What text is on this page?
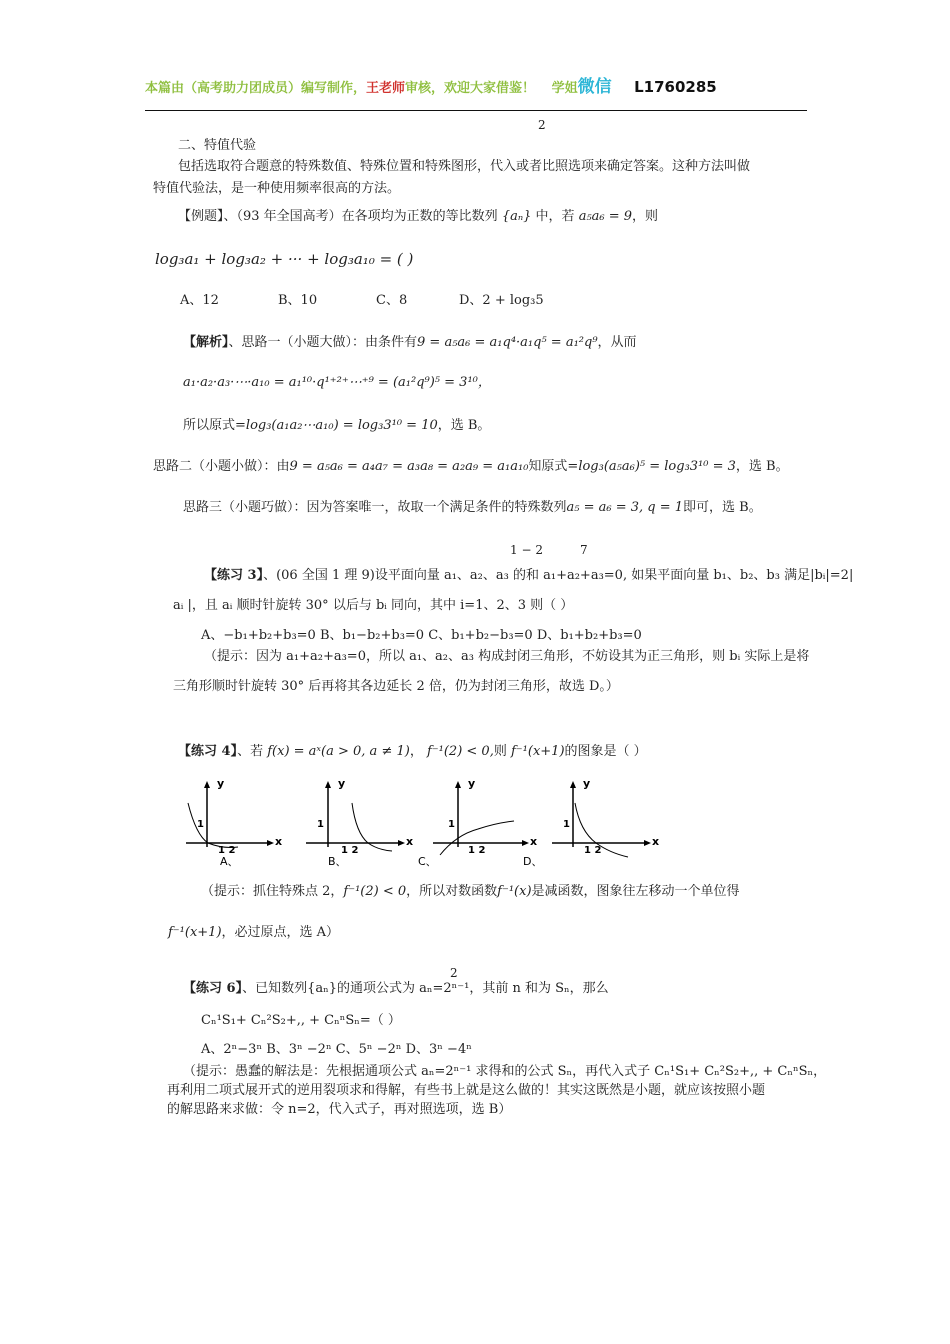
本篇由（高考助力团成员）编写制作，王老师审核，欢迎大家借鉴！ 学姐微信 L1760285
2
二、特值代验
包括选取符合题意的特殊数值、特殊位置和特殊图形，代入或者比照选项来确定答案。这种方法叫做
特值代验法，是一种使用频率很高的方法。
【例题】、（93 年全国高考）在各项均为正数的等比数列 {aₙ} 中，若 a₅a₆ = 9，则
log₃a₁ + log₃a₂ + ··· + log₃a₁₀ = ( )
A、12	B、10	C、8	D、2 + log₃5
【解析】、思路一（小题大做）：由条件有9 = a₅a₆ = a₁q⁴·a₁q⁵ = a₁²q⁹，从而
a₁·a₂·a₃·⋯·a₁₀ = a₁¹⁰·q¹⁺²⁺⋯⁺⁹ = (a₁²q⁹)⁵ = 3¹⁰，
所以原式=log₃(a₁a₂⋯a₁₀) = log₃3¹⁰ = 10，选 B。
思路二（小题小做）：由9 = a₅a₆ = a₄a₇ = a₃a₈ = a₂a₉ = a₁a₁₀知原式=log₃(a₅a₆)⁵ = log₃3¹⁰ = 3，选 B。
思路三（小题巧做）：因为答案唯一，故取一个满足条件的特殊数列a₅ = a₆ = 3, q = 1即可，选 B。
1 − 2	7
【练习 3】、(06 全国 1 理 9)设平面向量 a₁、a₂、a₃ 的和 a₁+a₂+a₃=0, 如果平面向量 b₁、b₂、b₃ 满足|bᵢ|=2|
aᵢ |，且 aᵢ 顺时针旋转 30° 以后与 bᵢ 同向，其中 i=1、2、3 则（ ）
A、−b₁+b₂+b₃=0 B、b₁−b₂+b₃=0 C、b₁+b₂−b₃=0 D、b₁+b₂+b₃=0
（提示：因为 a₁+a₂+a₃=0，所以 a₁、a₂、a₃ 构成封闭三角形，不妨设其为正三角形，则 bᵢ 实际上是将
三角形顺时针旋转 30° 后再将其各边延长 2 倍，仍为封闭三角形，故选 D。）
【练习 4】、若 f(x) = aˣ(a > 0, a ≠ 1)， f⁻¹(2) < 0,则 f⁻¹(x+1)的图象是（ ）
y
x
1
1 2
A、
y
x
1
1 2
B、
y
x
1
1 2
C、
y
x
1
1 2
D、
（提示：抓住特殊点 2，f⁻¹(2) < 0，所以对数函数f⁻¹(x)是减函数，图象往左移动一个单位得
f⁻¹(x+1)，必过原点，选 A）
2
【练习 6】、已知数列{aₙ}的通项公式为 aₙ=2ⁿ⁻¹，其前 n 和为 Sₙ，那么
Cₙ¹S₁+ Cₙ²S₂+,, + CₙⁿSₙ=（ ）
A、2ⁿ−3ⁿ B、3ⁿ −2ⁿ C、5ⁿ −2ⁿ D、3ⁿ −4ⁿ
（提示：愚蠢的解法是：先根据通项公式 aₙ=2ⁿ⁻¹ 求得和的公式 Sₙ，再代入式子 Cₙ¹S₁+ Cₙ²S₂+,, + CₙⁿSₙ，
再利用二项式展开式的逆用裂项求和得解，有些书上就是这么做的！其实这既然是小题，就应该按照小题
的解思路来求做：令 n=2，代入式子，再对照选项，选 B）
